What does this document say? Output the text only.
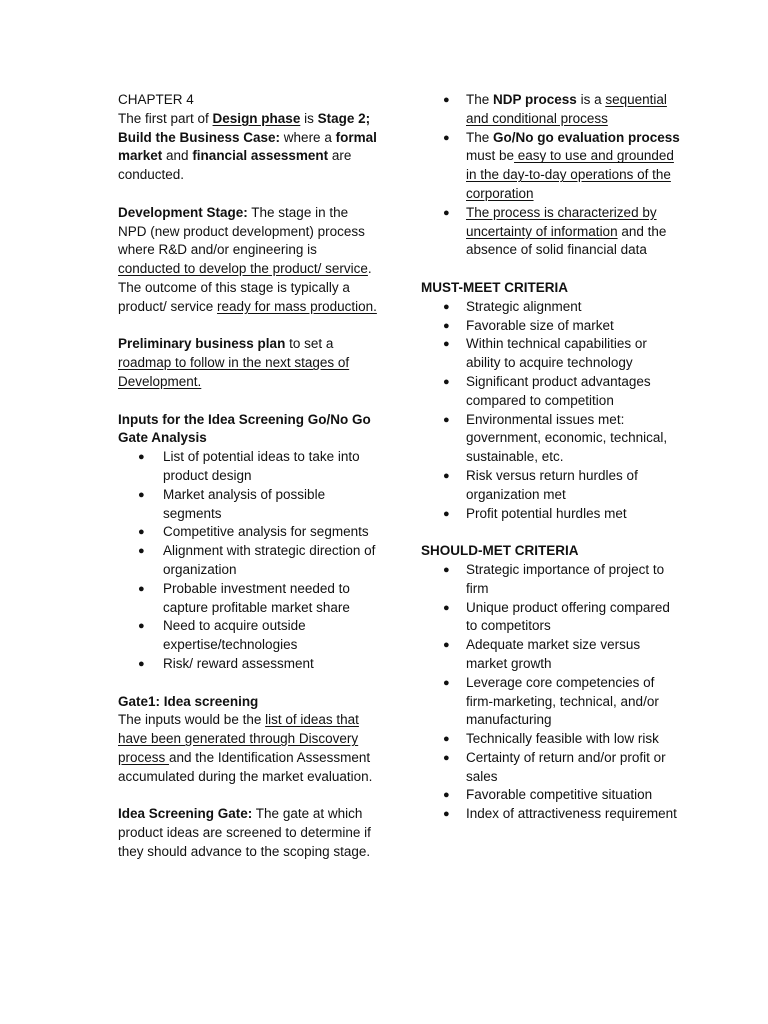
CHAPTER 4

The first part of Design phase is Stage 2; Build the Business Case: where a formal market and financial assessment are conducted.

Development Stage: The stage in the NPD (new product development) process where R&D and/or engineering is conducted to develop the product/ service. The outcome of this stage is typically a product/ service ready for mass production.

Preliminary business plan to set a roadmap to follow in the next stages of Development.

Inputs for the Idea Screening Go/No Go Gate Analysis

● List of potential ideas to take into product design
● Market analysis of possible segments
● Competitive analysis for segments
● Alignment with strategic direction of organization
● Probable investment needed to capture profitable market share
● Need to acquire outside expertise/technologies
● Risk/ reward assessment

Gate1: Idea screening

The inputs would be the list of ideas that have been generated through Discovery process and the Identification Assessment accumulated during the market evaluation.

Idea Screening Gate: The gate at which product ideas are screened to determine if they should advance to the scoping stage.

● The NDP process is a sequential and conditional process
● The Go/No go evaluation process must be easy to use and grounded in the day-to-day operations of the corporation
● The process is characterized by uncertainty of information and the absence of solid financial data

MUST-MEET CRITERIA

● Strategic alignment
● Favorable size of market
● Within technical capabilities or ability to acquire technology
● Significant product advantages compared to competition
● Environmental issues met: government, economic, technical, sustainable, etc.
● Risk versus return hurdles of organization met
● Profit potential hurdles met

SHOULD-MET CRITERIA

● Strategic importance of project to firm
● Unique product offering compared to competitors
● Adequate market size versus market growth
● Leverage core competencies of firm-marketing, technical, and/or manufacturing
● Technically feasible with low risk
● Certainty of return and/or profit or sales
● Favorable competitive situation
● Index of attractiveness requirement
